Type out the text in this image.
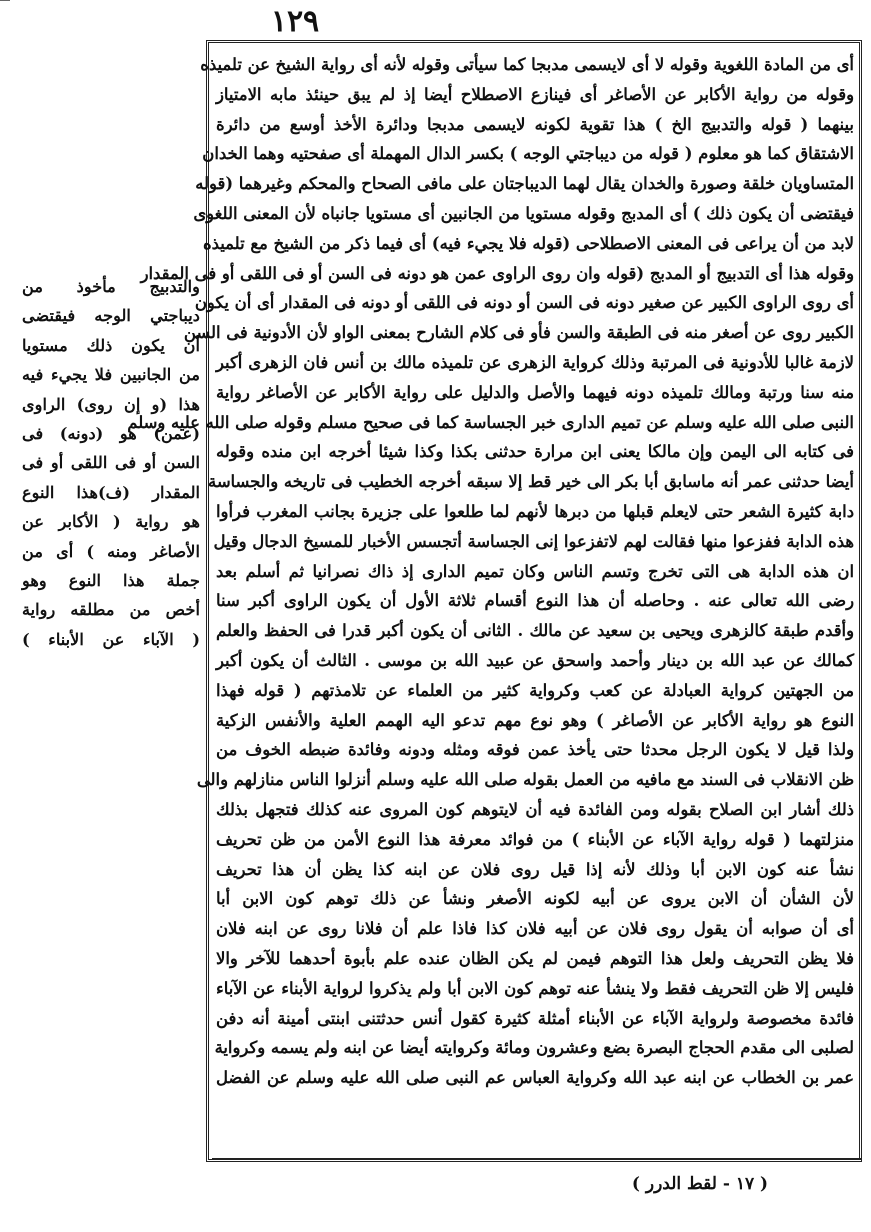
١٢٩
أى من المادة اللغوية وقوله لا أى لايسمى مدبجا كما سيأتى وقوله لأنه أى رواية الشيخ عن تلميذه
وقوله من رواية الأكابر عن الأصاغر أى فينازع الاصطلاح أيضا إذ لم يبق حينئذ مابه الامتياز
بينهما ( قوله والتدبيج الخ ) هذا تقوية لكونه لايسمى مدبجا ودائرة الأخذ أوسع من دائرة
الاشتقاق كما هو معلوم ( قوله من ديباجتي الوجه ) بكسر الدال المهملة أى صفحتيه وهما الخدان
المتساويان خلقة وصورة والخدان يقال لهما الديباجتان على مافى الصحاح والمحكم وغيرهما (قوله
فيقتضى أن يكون ذلك ) أى المدبج وقوله مستويا من الجانبين أى مستويا جانباه لأن المعنى اللغوى
لابد من أن يراعى فى المعنى الاصطلاحى (قوله فلا يجيء فيه) أى فيما ذكر من الشيخ مع تلميذه
وقوله هذا أى التدبيج أو المدبج (قوله وان روى الراوى عمن هو دونه فى السن أو فى اللقى أو فى المقدار
أى روى الراوى الكبير عن صغير دونه فى السن أو دونه فى اللقى أو دونه فى المقدار أى أن يكون
الكبير روى عن أصغر منه فى الطبقة والسن فأو فى كلام الشارح بمعنى الواو لأن الأدونية فى السن
لازمة غالبا للأدونية فى المرتبة وذلك كرواية الزهرى عن تلميذه مالك بن أنس فان الزهرى أكبر
منه سنا ورتبة ومالك تلميذه دونه فيهما والأصل والدليل على رواية الأكابر عن الأصاغر رواية
النبى صلى الله عليه وسلم عن تميم الدارى خبر الجساسة كما فى صحيح مسلم وقوله صلى الله عليه وسلم
فى كتابه الى اليمن وإن مالكا يعنى ابن مرارة حدثنى بكذا وكذا شيئا أخرجه ابن منده وقوله
أيضا حدثنى عمر أنه ماسابق أبا بكر الى خير قط إلا سبقه أخرجه الخطيب فى تاريخه والجساسة
دابة كثيرة الشعر حتى لايعلم قبلها من دبرها لأنهم لما طلعوا على جزيرة بجانب المغرب فرأوا
هذه الدابة ففزعوا منها فقالت لهم لاتفزعوا إنى الجساسة أتجسس الأخبار للمسيخ الدجال وقيل
ان هذه الدابة هى التى تخرج وتسم الناس وكان تميم الدارى إذ ذاك نصرانيا ثم أسلم بعد
رضى الله تعالى عنه . وحاصله أن هذا النوع أقسام ثلاثة الأول أن يكون الراوى أكبر سنا
وأقدم طبقة كالزهرى ويحيى بن سعيد عن مالك . الثانى أن يكون أكبر قدرا فى الحفظ والعلم
كمالك عن عبد الله بن دينار وأحمد واسحق عن عبيد الله بن موسى . الثالث أن يكون أكبر
من الجهتين كرواية العبادلة عن كعب وكرواية كثير من العلماء عن تلامذتهم ( قوله فهذا
النوع هو رواية الأكابر عن الأصاغر ) وهو نوع مهم تدعو اليه الهمم العلية والأنفس الزكية
ولذا قيل لا يكون الرجل محدثا حتى يأخذ عمن فوقه ومثله ودونه وفائدة ضبطه الخوف من
ظن الانقلاب فى السند مع مافيه من العمل بقوله صلى الله عليه وسلم أنزلوا الناس منازلهم والى
ذلك أشار ابن الصلاح بقوله ومن الفائدة فيه أن لايتوهم كون المروى عنه كذلك فتجهل بذلك
منزلتهما ( قوله رواية الآباء عن الأبناء ) من فوائد معرفة هذا النوع الأمن من ظن تحريف
نشأ عنه كون الابن أبا وذلك لأنه إذا قيل روى فلان عن ابنه كذا يظن أن هذا تحريف
لأن الشأن أن الابن يروى عن أبيه لكونه الأصغر ونشأ عن ذلك توهم كون الابن أبا
أى أن صوابه أن يقول روى فلان عن أبيه فلان كذا فاذا علم أن فلانا روى عن ابنه فلان
فلا يظن التحريف ولعل هذا التوهم فيمن لم يكن الظان عنده علم بأبوة أحدهما للآخر والا
فليس إلا ظن التحريف فقط ولا ينشأ عنه توهم كون الابن أبا ولم يذكروا لرواية الأبناء عن الآباء
فائدة مخصوصة ولرواية الآباء عن الأبناء أمثلة كثيرة كقول أنس حدثتنى ابنتى أمينة أنه دفن
لصلبى الى مقدم الحجاج البصرة بضع وعشرون ومائة وكروايته أيضا عن ابنه ولم يسمه وكرواية
عمر بن الخطاب عن ابنه عبد الله وكرواية العباس عم النبى صلى الله عليه وسلم عن الفضل
والتدبيج مأخوذ من
ديباجتي الوجه فيقتضى
أن يكون ذلك مستويا
من الجانبين فلا يجيء فيه
هذا (و إن روى) الراوى
(عمن) هو (دونه) فى
السن أو فى اللقى أو فى
المقدار (ف)هذا النوع
هو رواية ( الأكابر عن
الأصاغر ومنه ) أى من
جملة هذا النوع وهو
أخص من مطلقه رواية
( الآباء عن الأبناء )
( ١٧ - لقط الدرر )
